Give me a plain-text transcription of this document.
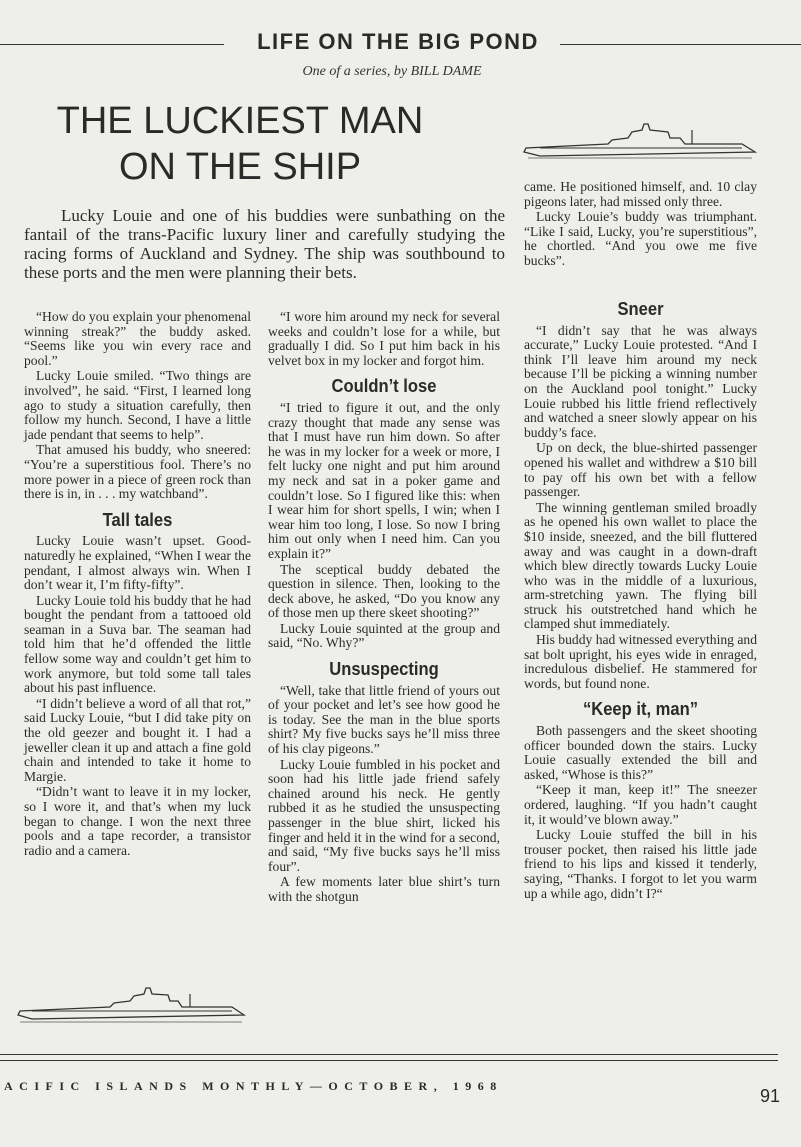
LIFE ON THE BIG POND
One of a series, by BILL DAME
THE LUCKIEST MAN
ON THE SHIP
Lucky Louie and one of his buddies were sunbathing on the fantail of the trans-Pacific luxury liner and carefully studying the racing forms of Auckland and Sydney. The ship was southbound to these ports and the men were planning their bets.

“How do you explain your phenomenal winning streak?” the buddy asked. “Seems like you win every race and pool.”

Lucky Louie smiled. “Two things are involved”, he said. “First, I learned long ago to study a situation carefully, then follow my hunch. Second, I have a little jade pendant that seems to help”.

That amused his buddy, who sneered: “You’re a superstitious fool. There’s no more power in a piece of green rock than there is in, in . . . my watchband”.

Tall tales

Lucky Louie wasn’t upset. Good-naturedly he explained, “When I wear the pendant, I almost always win. When I don’t wear it, I’m fifty-fifty”.

Lucky Louie told his buddy that he had bought the pendant from a tattooed old seaman in a Suva bar. The seaman had told him that he’d offended the little fellow some way and couldn’t get him to work anymore, but told some tall tales about his past influence.

“I didn’t believe a word of all that rot,” said Lucky Louie, “but I did take pity on the old geezer and bought it. I had a jeweller clean it up and attach a fine gold chain and intended to take it home to Margie.

“Didn’t want to leave it in my locker, so I wore it, and that’s when my luck began to change. I won the next three pools and a tape recorder, a transistor radio and a camera.

“I wore him around my neck for several weeks and couldn’t lose for a while, but gradually I did. So I put him back in his velvet box in my locker and forgot him.

Couldn’t lose

“I tried to figure it out, and the only crazy thought that made any sense was that I must have run him down. So after he was in my locker for a week or more, I felt lucky one night and put him around my neck and sat in a poker game and couldn’t lose. So I figured like this: when I wear him for short spells, I win; when I wear him too long, I lose. So now I bring him out only when I need him. Can you explain it?”

The sceptical buddy debated the question in silence. Then, looking to the deck above, he asked, “Do you know any of those men up there skeet shooting?”

Lucky Louie squinted at the group and said, “No. Why?”

Unsuspecting

“Well, take that little friend of yours out of your pocket and let’s see how good he is today. See the man in the blue sports shirt? My five bucks says he’ll miss three of his clay pigeons.”

Lucky Louie fumbled in his pocket and soon had his little jade friend safely chained around his neck. He gently rubbed it as he studied the unsuspecting passenger in the blue shirt, licked his finger and held it in the wind for a second, and said, “My five bucks says he’ll miss four”.

A few moments later blue shirt’s turn with the shotgun

came. He positioned himself, and. 10 clay pigeons later, had missed only three.

Lucky Louie’s buddy was triumphant. “Like I said, Lucky, you’re superstitious”, he chortled. “And you owe me five bucks”.

Sneer

“I didn’t say that he was always accurate,” Lucky Louie protested. “And I think I’ll leave him around my neck because I’ll be picking a winning number on the Auckland pool tonight.” Lucky Louie rubbed his little friend reflectively and watched a sneer slowly appear on his buddy’s face.

Up on deck, the blue-shirted passenger opened his wallet and withdrew a $10 bill to pay off his own bet with a fellow passenger.

The winning gentleman smiled broadly as he opened his own wallet to place the $10 inside, sneezed, and the bill fluttered away and was caught in a down-draft which blew directly towards Lucky Louie who was in the middle of a luxurious, arm-stretching yawn. The flying bill struck his outstretched hand which he clamped shut immediately.

His buddy had witnessed everything and sat bolt upright, his eyes wide in enraged, incredulous disbelief. He stammered for words, but found none.

“Keep it, man”

Both passengers and the skeet shooting officer bounded down the stairs. Lucky Louie casually extended the bill and asked, “Whose is this?”

“Keep it man, keep it!” The sneezer ordered, laughing. “If you hadn’t caught it, it would’ve blown away.”

Lucky Louie stuffed the bill in his trouser pocket, then raised his little jade friend to his lips and kissed it tenderly, saying, “Thanks. I forgot to let you warm up a while ago, didn’t I?“

ACIFIC ISLANDS MONTHLY—OCTOBER, 1968	91
